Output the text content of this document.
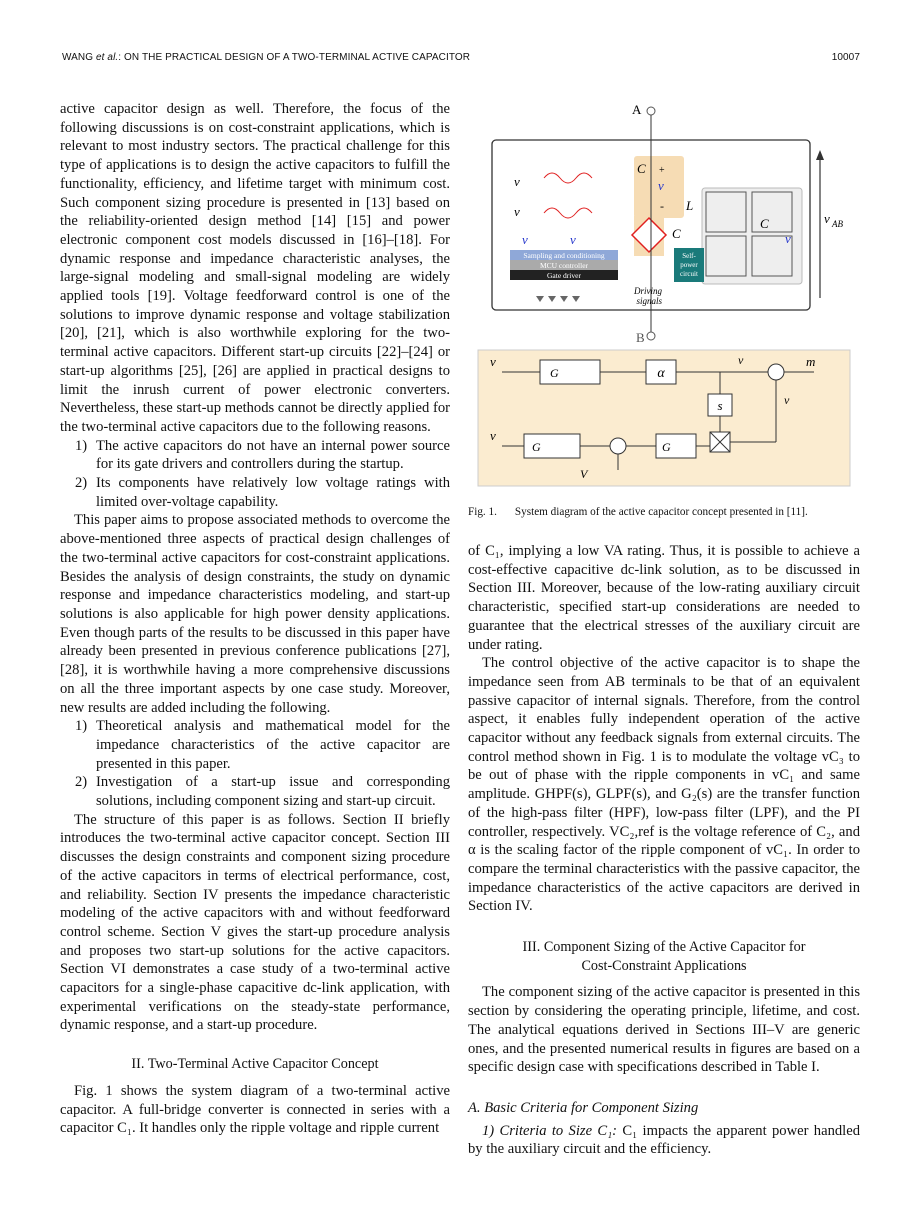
WANG et al.: ON THE PRACTICAL DESIGN OF A TWO-TERMINAL ACTIVE CAPACITOR	10007

active capacitor design as well. Therefore, the focus of the following discussions is on cost-constraint applications, which is relevant to most industry sectors. The practical challenge for this type of applications is to design the active capacitors to fulfill the functionality, efficiency, and lifetime target with minimum cost. Such component sizing procedure is presented in [13] based on the reliability-oriented design method [14] [15] and power electronic component cost models discussed in [16]–[18]. For dynamic response and impedance characteristic analyses, the large-signal modeling and small-signal modeling are widely applied tools [19]. Voltage feedforward control is one of the solutions to improve dynamic response and voltage stabilization [20], [21], which is also worthwhile exploring for the two-terminal active capacitors. Different start-up circuits [22]–[24] or start-up algorithms [25], [26] are applied in practical designs to limit the inrush current of power electronic converters. Nevertheless, these start-up methods cannot be directly applied for the two-terminal active capacitors due to the following reasons.

1) The active capacitors do not have an internal power source for its gate drivers and controllers during the startup.
2) Its components have relatively low voltage ratings with limited over-voltage capability.

This paper aims to propose associated methods to overcome the above-mentioned three aspects of practical design challenges of the two-terminal active capacitors for cost-constraint applications. Besides the analysis of design constraints, the study on dynamic response and impedance characteristics modeling, and start-up solutions is also applicable for high power density applications. Even though parts of the results to be discussed in this paper have already been presented in previous conference publications [27], [28], it is worthwhile having a more comprehensive discussions on all the three important aspects by one case study. Moreover, new results are added including the following.

1) Theoretical analysis and mathematical model for the impedance characteristics of the active capacitor are presented in this paper.
2) Investigation of a start-up issue and corresponding solutions, including component sizing and start-up circuit.

The structure of this paper is as follows. Section II briefly introduces the two-terminal active capacitor concept. Section III discusses the design constraints and component sizing procedure of the active capacitors in terms of electrical performance, cost, and reliability. Section IV presents the impedance characteristic modeling of the active capacitors with and without feedforward control scheme. Section V gives the start-up procedure analysis and proposes two start-up solutions for the active capacitors. Section VI demonstrates a case study of a two-terminal active capacitors for a single-phase capacitive dc-link application, with experimental verifications on the steady-state performance, dynamic response, and a start-up procedure.

II. Two-Terminal Active Capacitor Concept

Fig. 1 shows the system diagram of a two-terminal active capacitor. A full-bridge converter is connected in series with a capacitor C₁. It handles only the ripple voltage and ripple current

A
C +
v
-
v AB
L
C
C
v
Self-
power
circuit
Sampling and conditioning
MCU controller
Gate driver
v
v
v	v
Driving
signals
B
v
G	α
m
v
s	v
v
G	G
V
Fig. 1. System diagram of the active capacitor concept presented in [11].

of C₁, implying a low VA rating. Thus, it is possible to achieve a cost-effective capacitive dc-link solution, as to be discussed in Section III. Moreover, because of the low-rating auxiliary circuit characteristic, specified start-up considerations are needed to guarantee that the electrical stresses of the auxiliary circuit are under rating.

The control objective of the active capacitor is to shape the impedance seen from AB terminals to be that of an equivalent passive capacitor of internal signals. Therefore, from the control aspect, it enables fully independent operation of the active capacitor without any feedback signals from external circuits. The control method shown in Fig. 1 is to modulate the voltage vC₃ to be out of phase with the ripple components in vC₁ and same amplitude. GHPF(s), GLPF(s), and G₂(s) are the transfer function of the high-pass filter (HPF), low-pass filter (LPF), and the PI controller, respectively. VC₂,ref is the voltage reference of C₂, and α is the scaling factor of the ripple component of vC₁. In order to compare the terminal characteristics with the passive capacitor, the impedance characteristics of the active capacitors are derived in Section IV.

III. Component Sizing of the Active Capacitor for
Cost-Constraint Applications

The component sizing of the active capacitor is presented in this section by considering the operating principle, lifetime, and cost. The analytical equations derived in Sections III–V are generic ones, and the presented numerical results in figures are based on a specific design case with specifications described in Table I.

A. Basic Criteria for Component Sizing

1) Criteria to Size C₁: C₁ impacts the apparent power handled by the auxiliary circuit and the efficiency.
